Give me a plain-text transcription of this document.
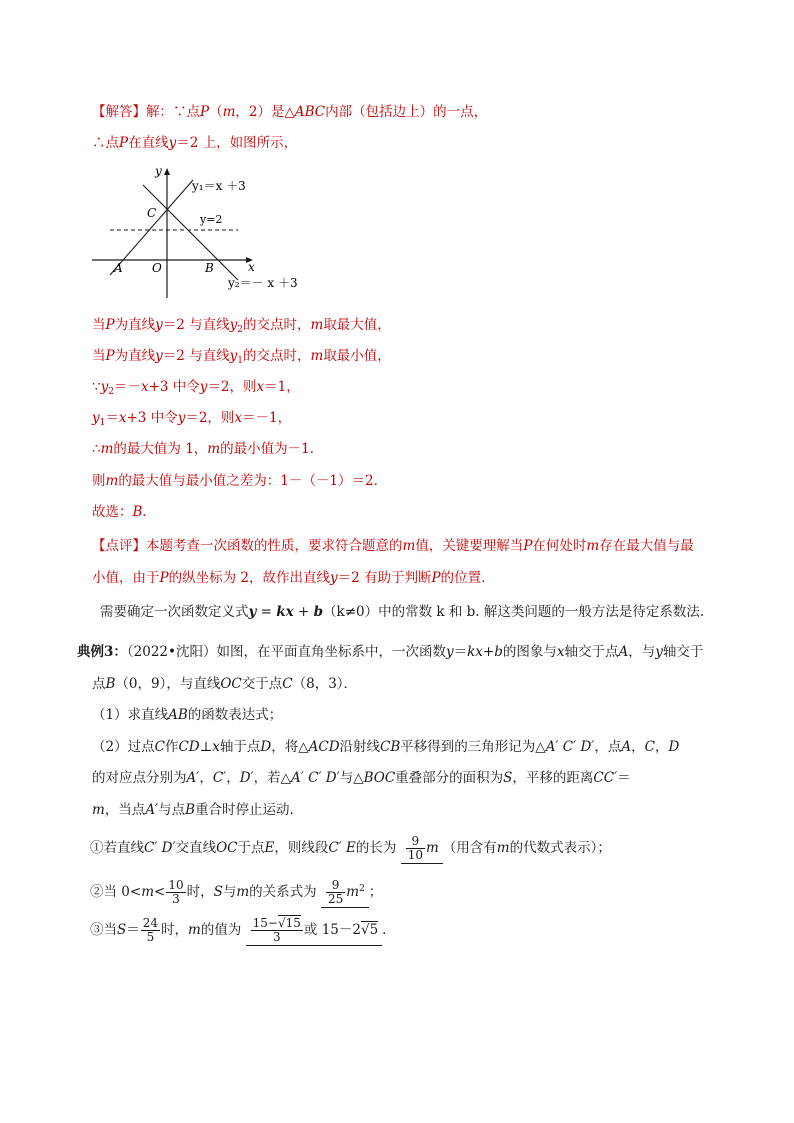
【解答】解：∵点P（m，2）是△ABC内部（包括边上）的一点，
∴点P在直线y＝2 上，如图所示，
y₁＝x ＋3
y₂＝－ x ＋3
y=2
x
y
A O	B
C
当P为直线y＝2 与直线$y_2$的交点时，m取最大值，
当P为直线y＝2 与直线$y_1$的交点时，m取最小值，
$\because y_2=-x+3$ 中令y＝2，则x＝1，
$y_1=x+3$ 中令y＝2，则x＝－1，
∴m的最大值为 1，m的最小值为－1．
则m的最大值与最小值之差为：1－（－1）＝2．
故选：B．
【点评】本题考查一次函数的性质，要求符合题意的m值，关键要理解当P在何处时m存在最大值与最
小值，由于P的纵坐标为 2，故作出直线y＝2 有助于判断P的位置．
需要确定一次函数定义式y = kx + b（k≠0）中的常数 k 和 b. 解这类问题的一般方法是待定系数法.
典例3：（2022•沈阳）如图，在平面直角坐标系中，一次函数y＝kx+b的图象与x轴交于点A，与y轴交于
点B（0，9），与直线OC交于点C（8，3）．
（1）求直线AB的函数表达式；
（2）过点C作CD⊥x轴于点D，将△ACD沿射线CB平移得到的三角形记为△A′ C′ D′，点A，C，D
的对应点分别为A′，C′，D′，若△A′ C′ D′与△BOC重叠部分的面积为S，平移的距离CC′＝
m，当点A′与点B重合时停止运动．
①若直线C′ D′交直线OC于点E，则线段C′ E的长为 $\frac{9}{10}$ m （用含有m的代数式表示）；
②当 $0<m< \frac{10}{3}$ 时，S与m的关系式为 $\frac{9}{25} m^2$ ；
③当$S= \frac{24}{5}$ 时，m的值为 $\frac{15-√15}{3}$ 或 15－2√5 ．
